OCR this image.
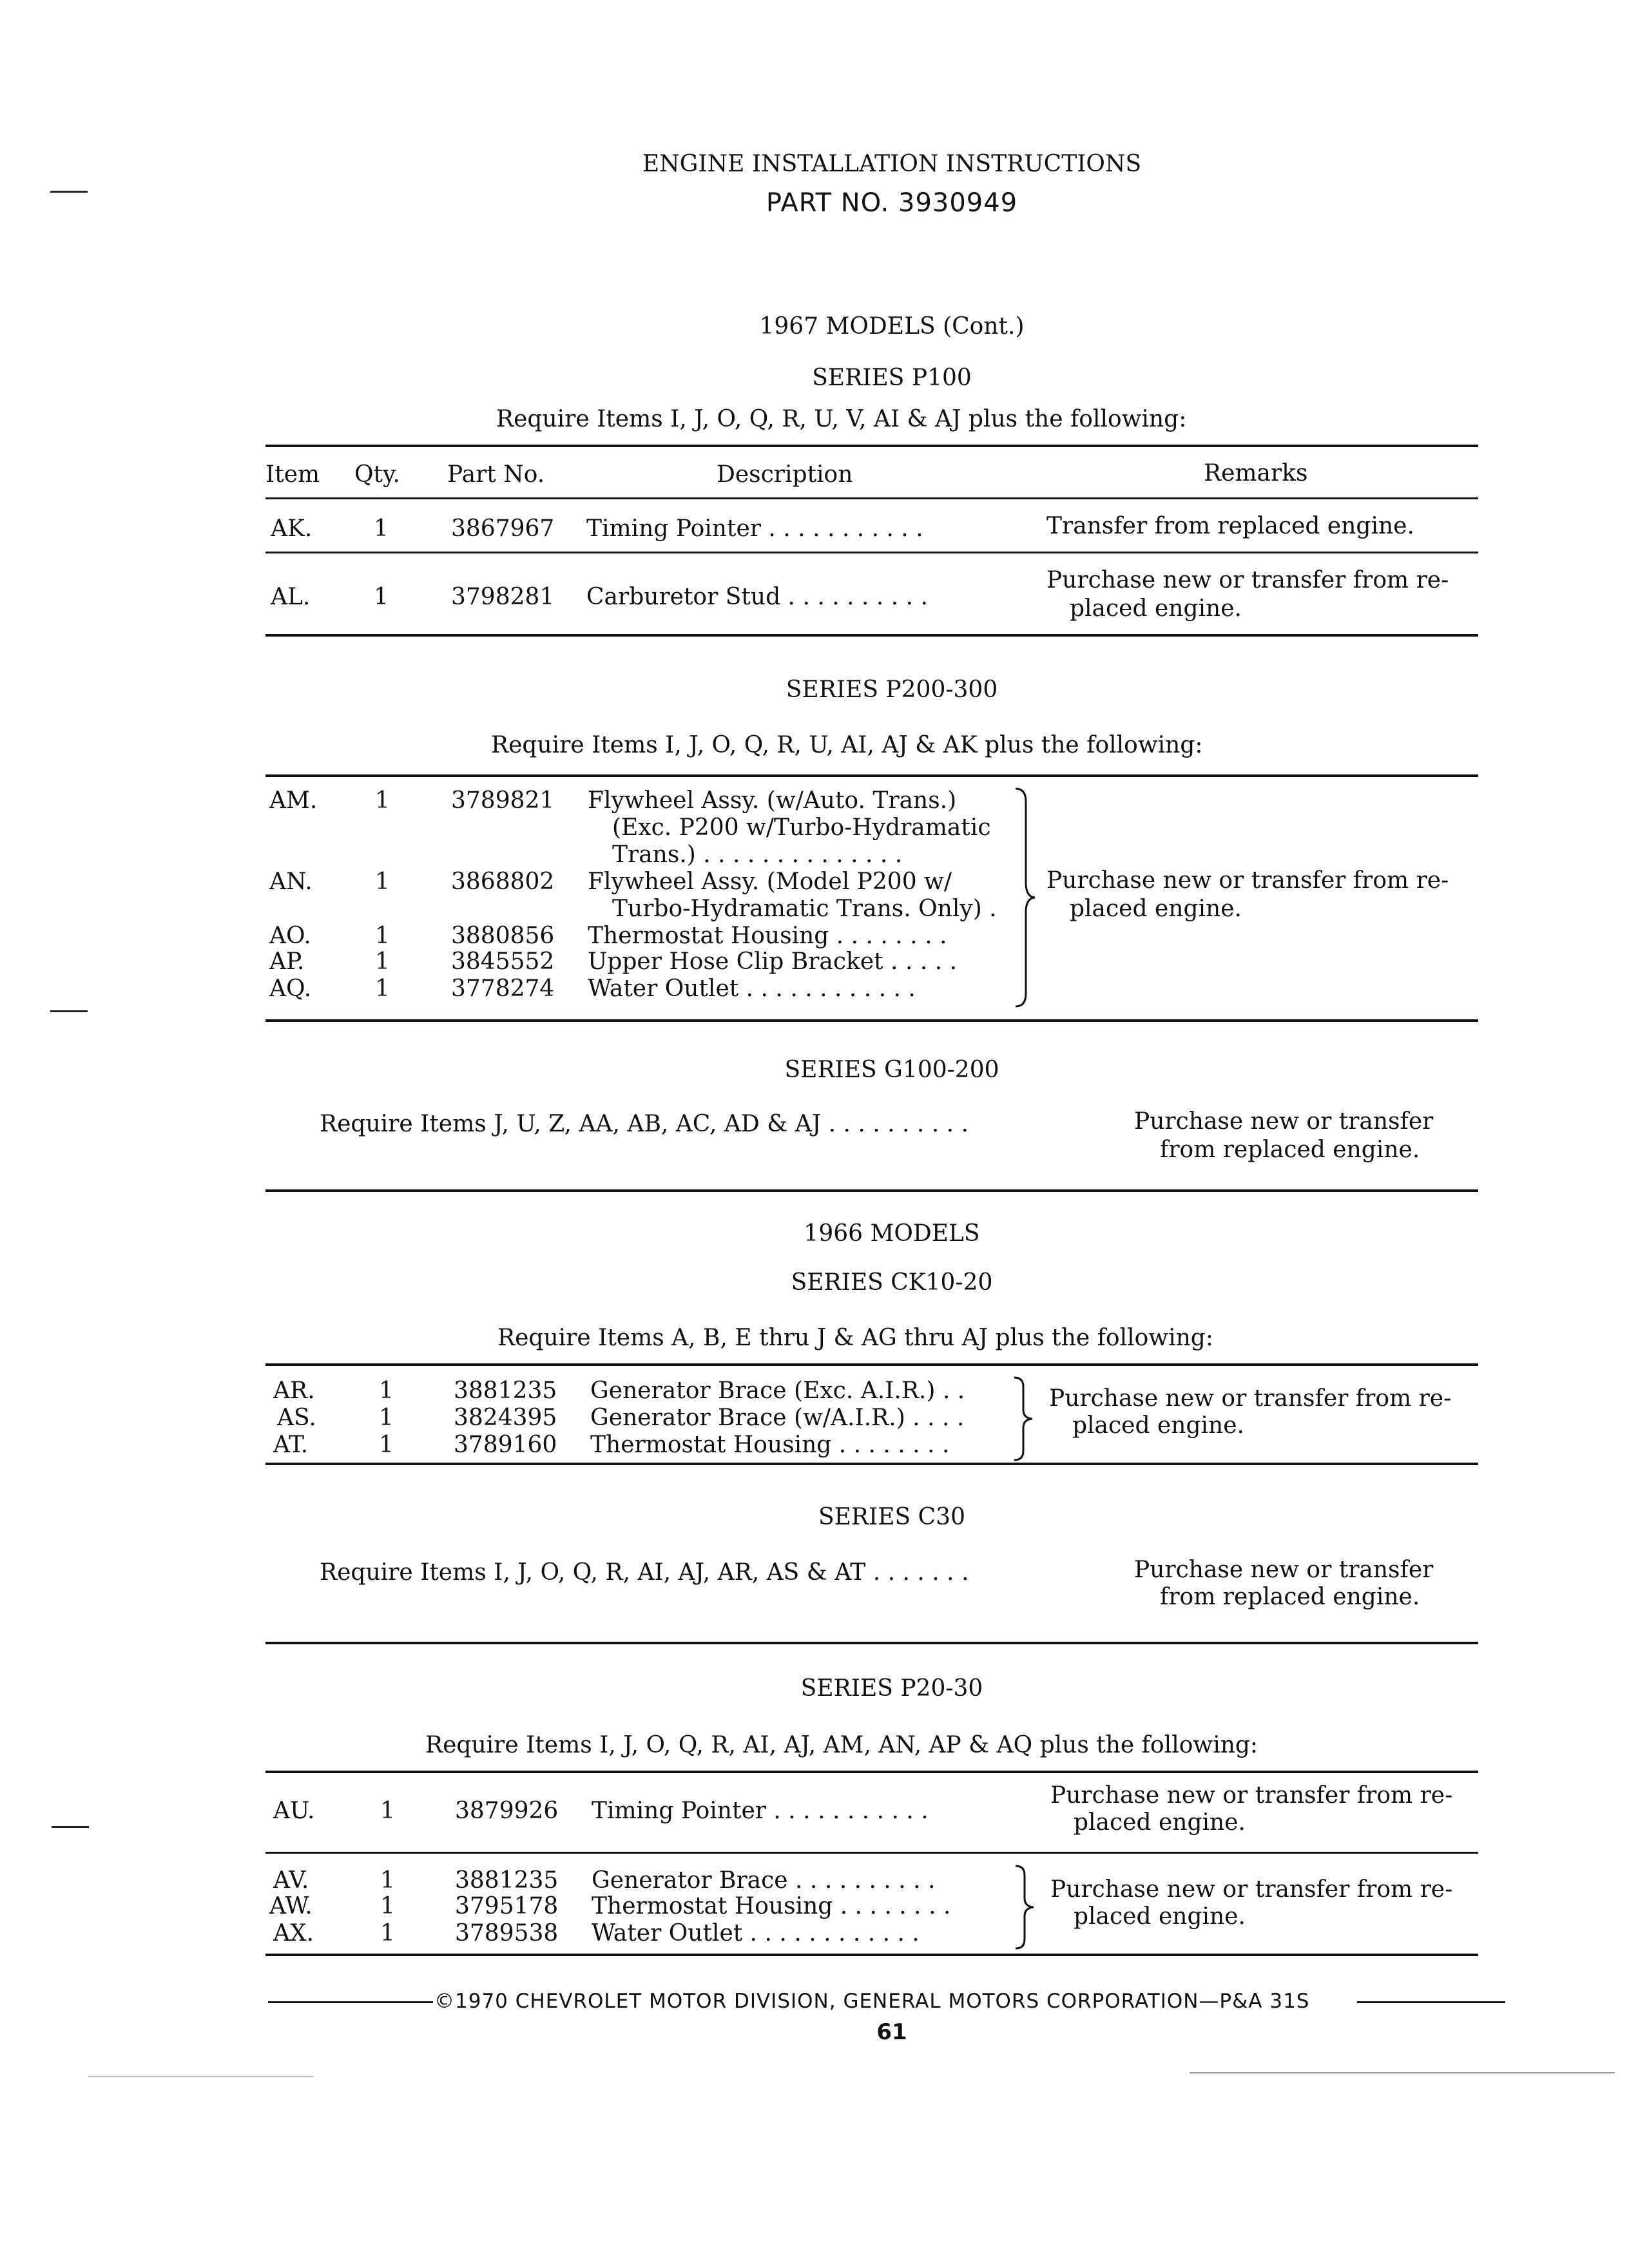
ENGINE INSTALLATION INSTRUCTIONS
PART NO. 3930949
1967 MODELS (Cont.)
SERIES P100
Require Items I, J, O, Q, R, U, V, AI & AJ plus the following:
Item Qty. Part No.	Description	Remarks
AK.	1	3867967 Timing Pointer . . . . . . . . . . .	Transfer from replaced engine.
AL.	1	3798281 Carburetor Stud . . . . . . . . . .
Purchase new or transfer from re-
placed engine.
SERIES P200-300
Require Items I, J, O, Q, R, U, AI, AJ & AK plus the following:
AM. 1	3789821 Flywheel Assy. (w/Auto. Trans.)
(Exc. P200 w/Turbo-Hydramatic
Trans.) . . . . . . . . . . . . . .
AN.	1	3868802 Flywheel Assy. (Model P200 w/
Turbo-Hydramatic Trans. Only) .
AO.	1	3880856 Thermostat Housing . . . . . . . .
AP.	1	3845552 Upper Hose Clip Bracket . . . . .
AQ.	1	3778274 Water Outlet . . . . . . . . . . . .
Purchase new or transfer from re-
placed engine.
SERIES G100-200
Require Items J, U, Z, AA, AB, AC, AD & AJ . . . . . . . . . .	Purchase new or transfer
from replaced engine.
1966 MODELS
SERIES CK10-20
Require Items A, B, E thru J & AG thru AJ plus the following:
AR.	1	3881235 Generator Brace (Exc. A.I.R.) . .
AS.	1	3824395 Generator Brace (w/A.I.R.) . . . .
AT.	1	3789160 Thermostat Housing . . . . . . . .
Purchase new or transfer from re-
placed engine.
SERIES C30
Require Items I, J, O, Q, R, AI, AJ, AR, AS & AT . . . . . . .	Purchase new or transfer
from replaced engine.
SERIES P20-30
Require Items I, J, O, Q, R, AI, AJ, AM, AN, AP & AQ plus the following:
AU.	1	3879926 Timing Pointer . . . . . . . . . . .
Purchase new or transfer from re-
placed engine.
AV.	1	3881235 Generator Brace . . . . . . . . . .
AW.	1	3795178 Thermostat Housing . . . . . . . .
AX.	1	3789538 Water Outlet . . . . . . . . . . . .
Purchase new or transfer from re-
placed engine.
©1970 CHEVROLET MOTOR DIVISION, GENERAL MOTORS CORPORATION—P&A 31S
61
